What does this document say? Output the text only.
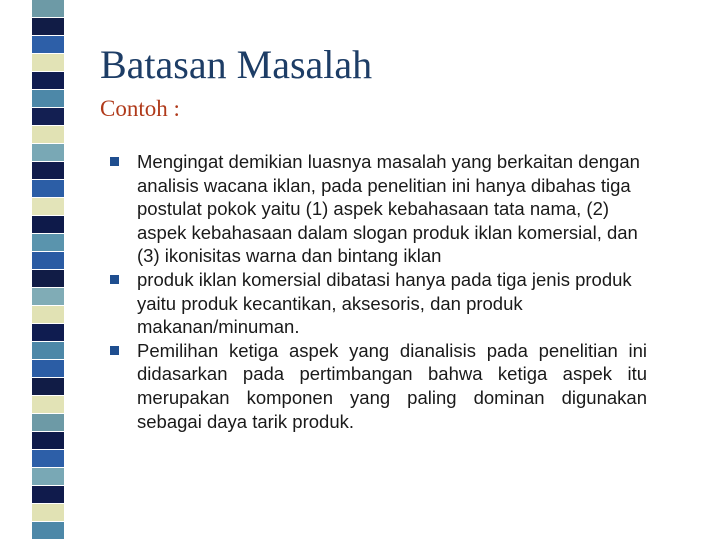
Batasan Masalah
Contoh :
Mengingat demikian luasnya masalah yang berkaitan dengan analisis wacana iklan, pada penelitian ini hanya dibahas tiga postulat pokok yaitu (1) aspek kebahasaan tata nama, (2) aspek kebahasaan dalam slogan produk iklan komersial, dan (3) ikonisitas warna dan bintang iklan
produk iklan komersial dibatasi hanya pada tiga jenis produk yaitu produk kecantikan, aksesoris, dan produk makanan/minuman.
Pemilihan ketiga aspek yang dianalisis pada penelitian ini didasarkan pada pertimbangan bahwa ketiga aspek itu merupakan komponen yang paling dominan digunakan sebagai daya tarik produk.
